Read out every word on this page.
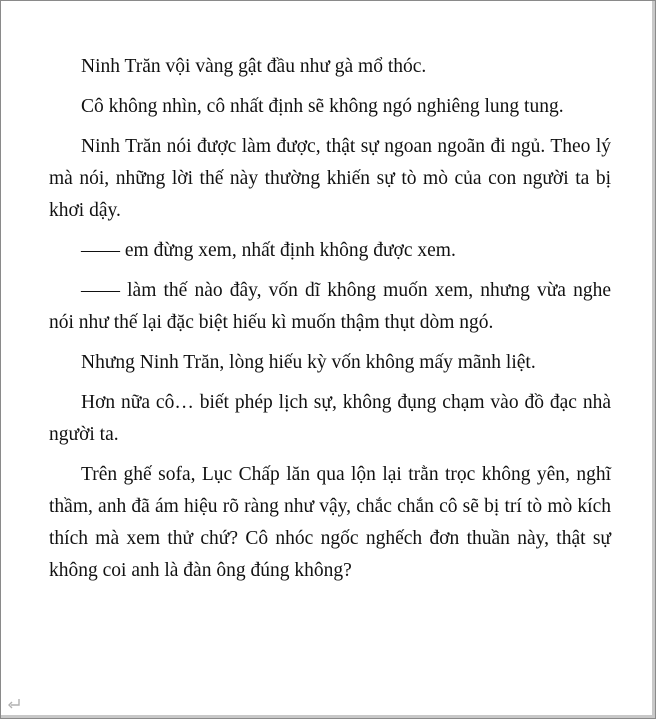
Ninh Trăn vội vàng gật đầu như gà mổ thóc.

Cô không nhìn, cô nhất định sẽ không ngó nghiêng lung tung.

Ninh Trăn nói được làm được, thật sự ngoan ngoãn đi ngủ. Theo lý mà nói, những lời thế này thường khiến sự tò mò của con người ta bị khơi dậy.

—— em đừng xem, nhất định không được xem.

—— làm thế nào đây, vốn dĩ không muốn xem, nhưng vừa nghe nói như thế lại đặc biệt hiếu kì muốn thậm thụt dòm ngó.

Nhưng Ninh Trăn, lòng hiếu kỳ vốn không mấy mãnh liệt.

Hơn nữa cô… biết phép lịch sự, không đụng chạm vào đồ đạc nhà người ta.

Trên ghế sofa, Lục Chấp lăn qua lộn lại trằn trọc không yên, nghĩ thầm, anh đã ám hiệu rõ ràng như vậy, chắc chắn cô sẽ bị trí tò mò kích thích mà xem thử chứ? Cô nhóc ngốc nghếch đơn thuần này, thật sự không coi anh là đàn ông đúng không?
